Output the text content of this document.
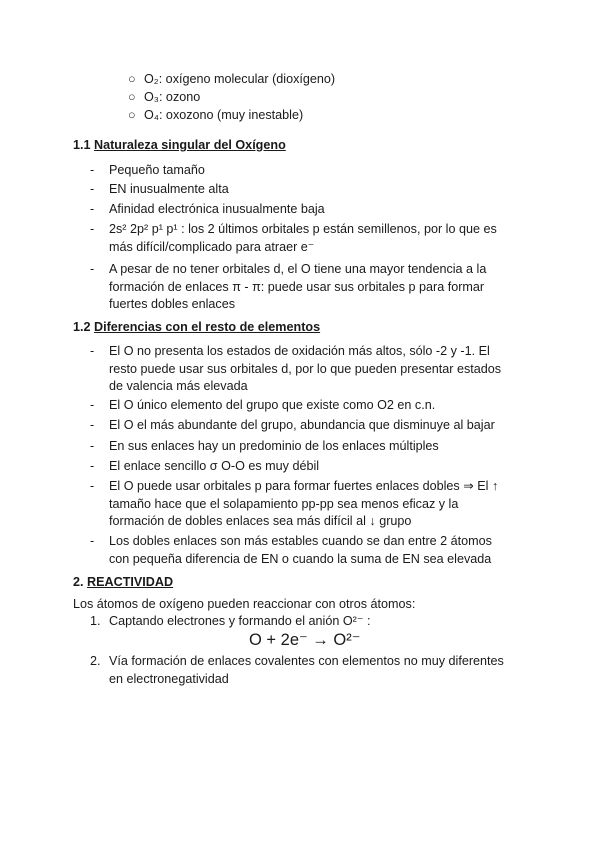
○ O₂: oxígeno molecular (dioxígeno)
○ O₃: ozono
○ O₄: oxozono (muy inestable)
1.1 Naturaleza singular del Oxígeno
- Pequeño tamaño
- EN inusualmente alta
- Afinidad electrónica inusualmente baja
- 2s² 2p² p¹ p¹ : los 2 últimos orbitales p están semillenos, por lo que es
más difícil/complicado para atraer e⁻
- A pesar de no tener orbitales d, el O tiene una mayor tendencia a la
formación de enlaces π - π: puede usar sus orbitales p para formar
fuertes dobles enlaces
1.2 Diferencias con el resto de elementos
- El O no presenta los estados de oxidación más altos, sólo -2 y -1. El
resto puede usar sus orbitales d, por lo que pueden presentar estados
de valencia más elevada
- El O único elemento del grupo que existe como O2 en c.n.
- El O el más abundante del grupo, abundancia que disminuye al bajar
- En sus enlaces hay un predominio de los enlaces múltiples
- El enlace sencillo σ O-O es muy débil
- El O puede usar orbitales p para formar fuertes enlaces dobles ⇒ El ↑
tamaño hace que el solapamiento pp-pp sea menos eficaz y la
formación de dobles enlaces sea más difícil al ↓ grupo
- Los dobles enlaces son más estables cuando se dan entre 2 átomos
con pequeña diferencia de EN o cuando la suma de EN sea elevada
2. REACTIVIDAD
Los átomos de oxígeno pueden reaccionar con otros átomos:
1. Captando electrones y formando el anión O²⁻ :
O + 2e⁻ → O²⁻
2. Vía formación de enlaces covalentes con elementos no muy diferentes
en electronegatividad
